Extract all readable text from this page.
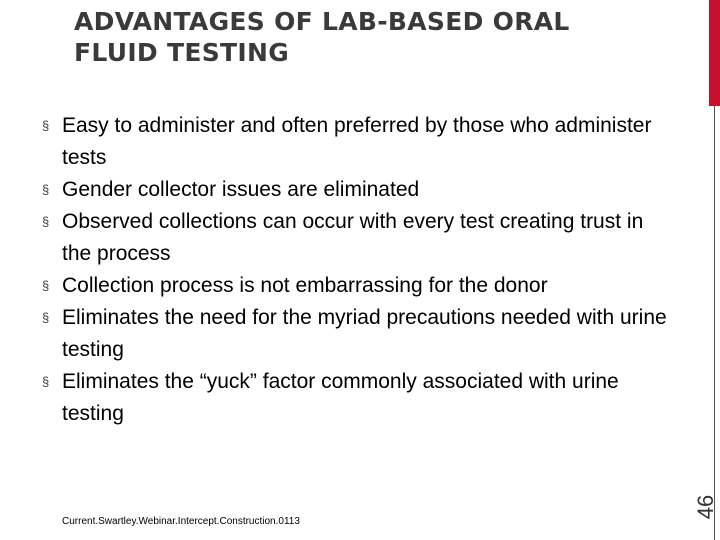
ADVANTAGES OF LAB-BASED ORAL
FLUID TESTING
§ Easy to administer and often preferred by those who administer tests
§ Gender collector issues are eliminated
§ Observed collections can occur with every test creating trust in the process
§ Collection process is not embarrassing for the donor
§ Eliminates the need for the myriad precautions needed with urine testing
§ Eliminates the “yuck” factor commonly associated with urine testing
Current.Swartley.Webinar.Intercept.Construction.0113
46
